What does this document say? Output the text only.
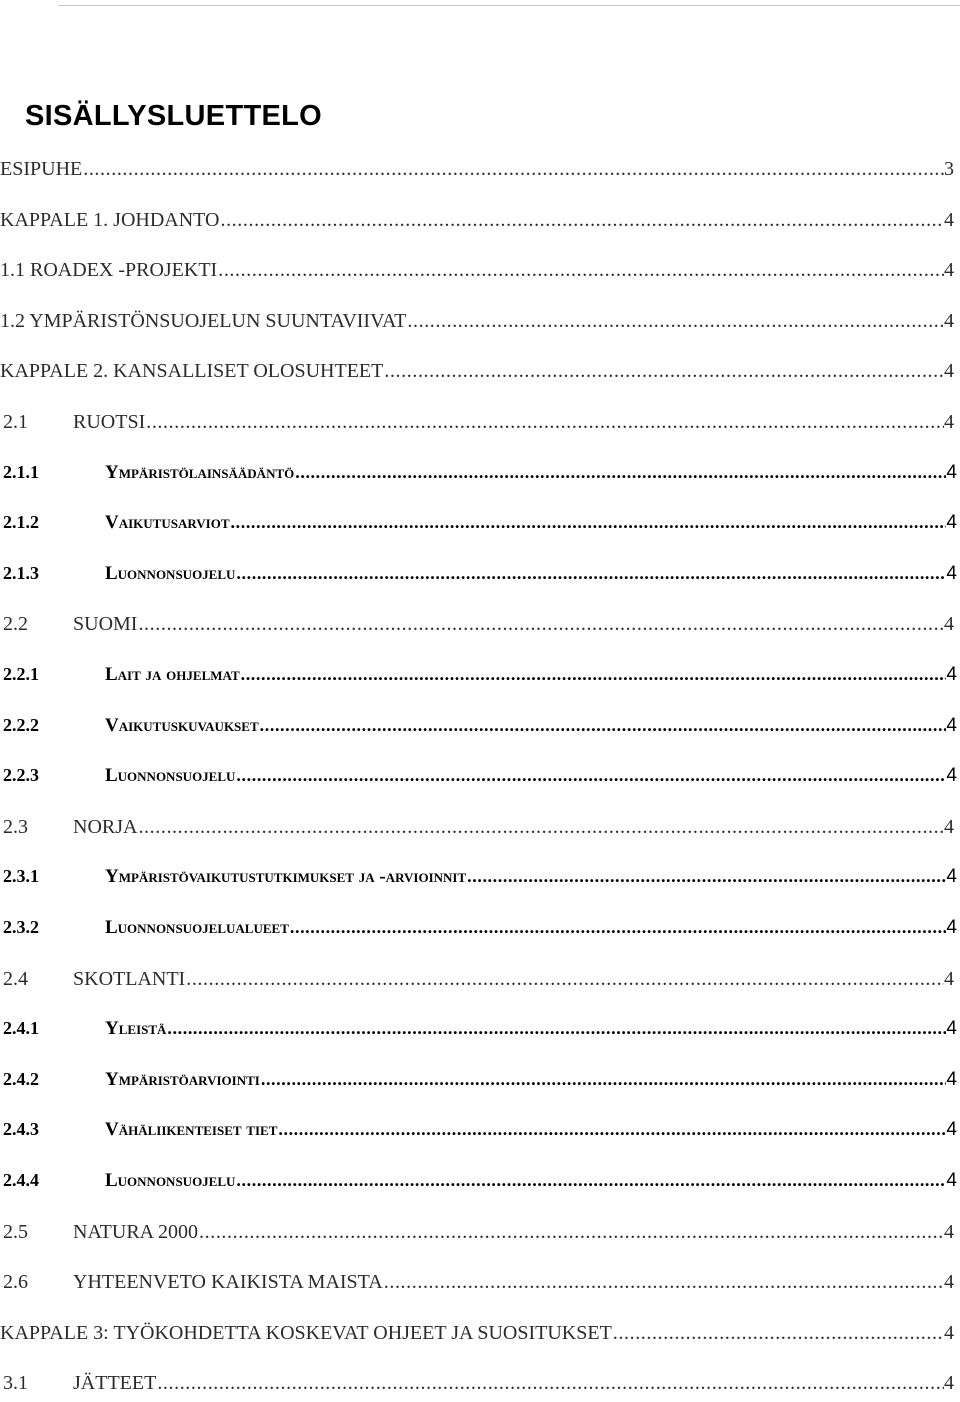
SISÄLLYSLUETTELO
ESIPUHE .....	3
KAPPALE 1. JOHDANTO .....	4
1.1 ROADEX -PROJEKTI .....	4
1.2 YMPÄRISTÖNSUOJELUN SUUNTAVIIVAT .....	4
KAPPALE 2. KANSALLISET OLOSUHTEET .....	4
2.1	RUOTSI .....	4
2.1.1	Ympäristölainsäädäntö .....	4
2.1.2	Vaikutusarviot .....	4
2.1.3	Luonnonsuojelu .....	4
2.2	SUOMI .....	4
2.2.1	Lait ja ohjelmat .....	4
2.2.2	Vaikutuskuvaukset .....	4
2.2.3	Luonnonsuojelu .....	4
2.3	NORJA .....	4
2.3.1	Ympäristövaikutustutkimukset ja -arvioinnit .....	4
2.3.2	Luonnonsuojelualueet .....	4
2.4	SKOTLANTI .....	4
2.4.1	Yleistä .....	4
2.4.2	Ympäristöarviointi .....	4
2.4.3	Vähäliikenteiset tiet .....	4
2.4.4	Luonnonsuojelu .....	4
2.5	NATURA 2000 .....	4
2.6	YHTEENVETO KAIKISTA MAISTA .....	4
KAPPALE 3: TYÖKOHDETTA KOSKEVAT OHJEET JA SUOSITUKSET .....	4
3.1	JÄTTEET .....	4
